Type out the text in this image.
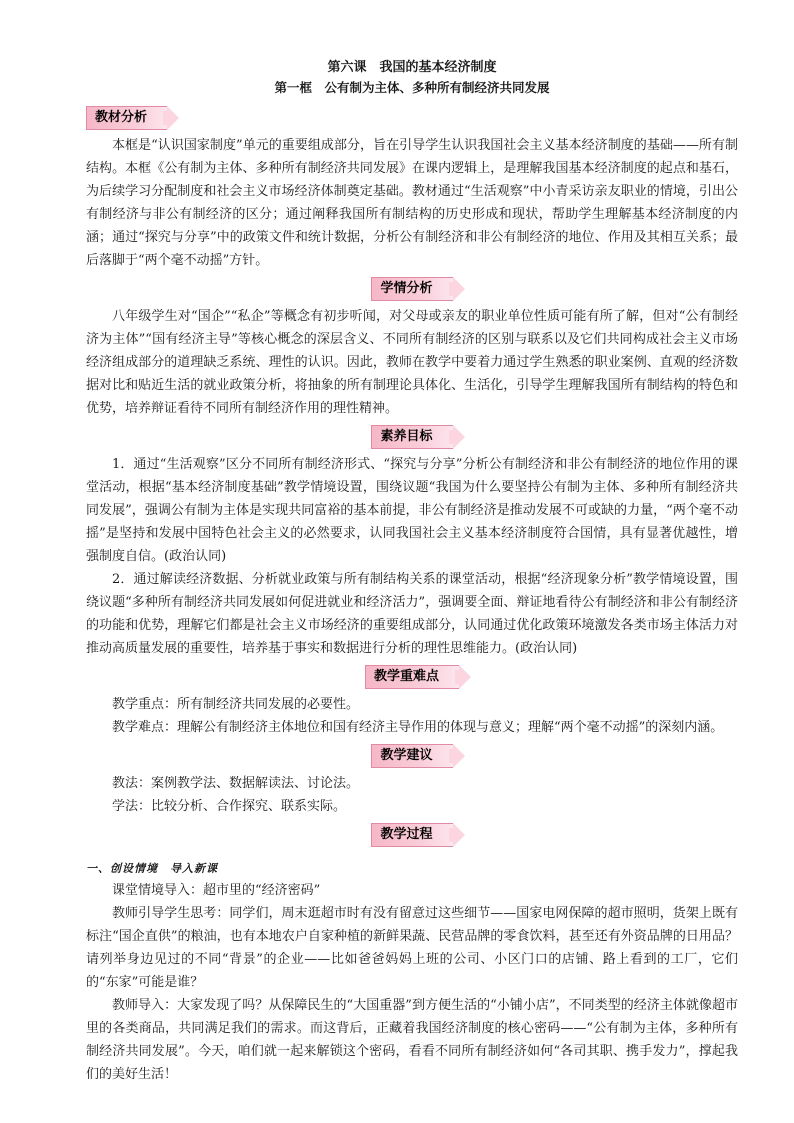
第六课　我国的基本经济制度
第一框　公有制为主体、多种所有制经济共同发展
教材分析

本框是“认识国家制度”单元的重要组成部分，旨在引导学生认识我国社会主义基本经济制度的基础——所有制结构。本框《公有制为主体、多种所有制经济共同发展》在课内逻辑上，是理解我国基本经济制度的起点和基石，为后续学习分配制度和社会主义市场经济体制奠定基础。教材通过“生活观察”中小青采访亲友职业的情境，引出公有制经济与非公有制经济的区分；通过阐释我国所有制结构的历史形成和现状，帮助学生理解基本经济制度的内涵；通过“探究与分享”中的政策文件和统计数据，分析公有制经济和非公有制经济的地位、作用及其相互关系；最后落脚于“两个毫不动摇”方针。

学情分析

八年级学生对“国企”“私企”等概念有初步听闻，对父母或亲友的职业单位性质可能有所了解，但对“公有制经济为主体”“国有经济主导”等核心概念的深层含义、不同所有制经济的区别与联系以及它们共同构成社会主义市场经济组成部分的道理缺乏系统、理性的认识。因此，教师在教学中要着力通过学生熟悉的职业案例、直观的经济数据对比和贴近生活的就业政策分析，将抽象的所有制理论具体化、生活化，引导学生理解我国所有制结构的特色和优势，培养辩证看待不同所有制经济作用的理性精神。

素养目标

1．通过“生活观察”区分不同所有制经济形式、“探究与分享”分析公有制经济和非公有制经济的地位作用的课堂活动，根据“基本经济制度基础”教学情境设置，围绕议题“我国为什么要坚持公有制为主体、多种所有制经济共同发展”，强调公有制为主体是实现共同富裕的基本前提，非公有制经济是推动发展不可或缺的力量，“两个毫不动摇”是坚持和发展中国特色社会主义的必然要求，认同我国社会主义基本经济制度符合国情，具有显著优越性，增强制度自信。(政治认同)

2．通过解读经济数据、分析就业政策与所有制结构关系的课堂活动，根据“经济现象分析”教学情境设置，围绕议题“多种所有制经济共同发展如何促进就业和经济活力”，强调要全面、辩证地看待公有制经济和非公有制经济的功能和优势，理解它们都是社会主义市场经济的重要组成部分，认同通过优化政策环境激发各类市场主体活力对推动高质量发展的重要性，培养基于事实和数据进行分析的理性思维能力。(政治认同)

教学重难点

教学重点：所有制经济共同发展的必要性。

教学难点：理解公有制经济主体地位和国有经济主导作用的体现与意义；理解“两个毫不动摇”的深刻内涵。

教学建议

教法：案例教学法、数据解读法、讨论法。

学法：比较分析、合作探究、联系实际。

教学过程

一、创设情境　导入新课

课堂情境导入：超市里的“经济密码”

教师引导学生思考：同学们，周末逛超市时有没有留意过这些细节——国家电网保障的超市照明，货架上既有标注“国企直供”的粮油，也有本地农户自家种植的新鲜果蔬、民营品牌的零食饮料，甚至还有外资品牌的日用品？请列举身边见过的不同“背景”的企业——比如爸爸妈妈上班的公司、小区门口的店铺、路上看到的工厂，它们的“东家”可能是谁？

教师导入：大家发现了吗？从保障民生的“大国重器”到方便生活的“小铺小店”，不同类型的经济主体就像超市里的各类商品，共同满足我们的需求。而这背后，正藏着我国经济制度的核心密码——“公有制为主体，多种所有制经济共同发展”。今天，咱们就一起来解锁这个密码，看看不同所有制经济如何“各司其职、携手发力”，撑起我们的美好生活！
